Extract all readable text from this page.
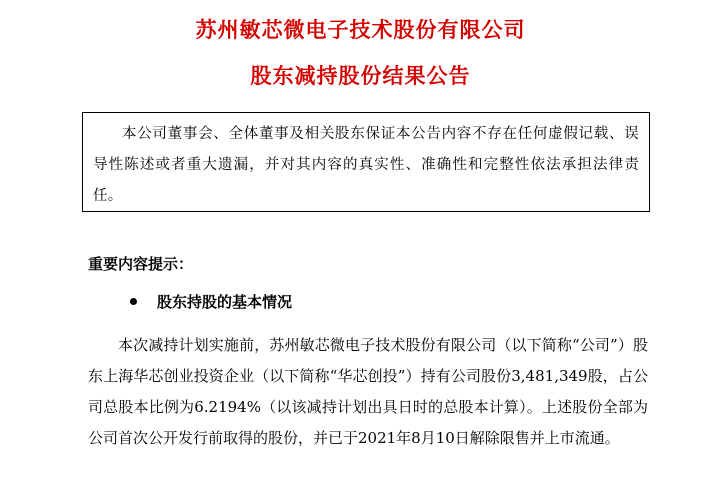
苏州敏芯微电子技术股份有限公司
股东减持股份结果公告

本公司董事会、全体董事及相关股东保证本公告内容不存在任何虚假记载、误导性陈述或者重大遗漏，并对其内容的真实性、准确性和完整性依法承担法律责任。

重要内容提示：
股东持股的基本情况

本次减持计划实施前，苏州敏芯微电子技术股份有限公司（以下简称“公司”）股东上海华芯创业投资企业（以下简称“华芯创投”）持有公司股份3,481,349股，占公司总股本比例为6.2194%（以该减持计划出具日时的总股本计算）。上述股份全部为公司首次公开发行前取得的股份，并已于2021年8月10日解除限售并上市流通。
